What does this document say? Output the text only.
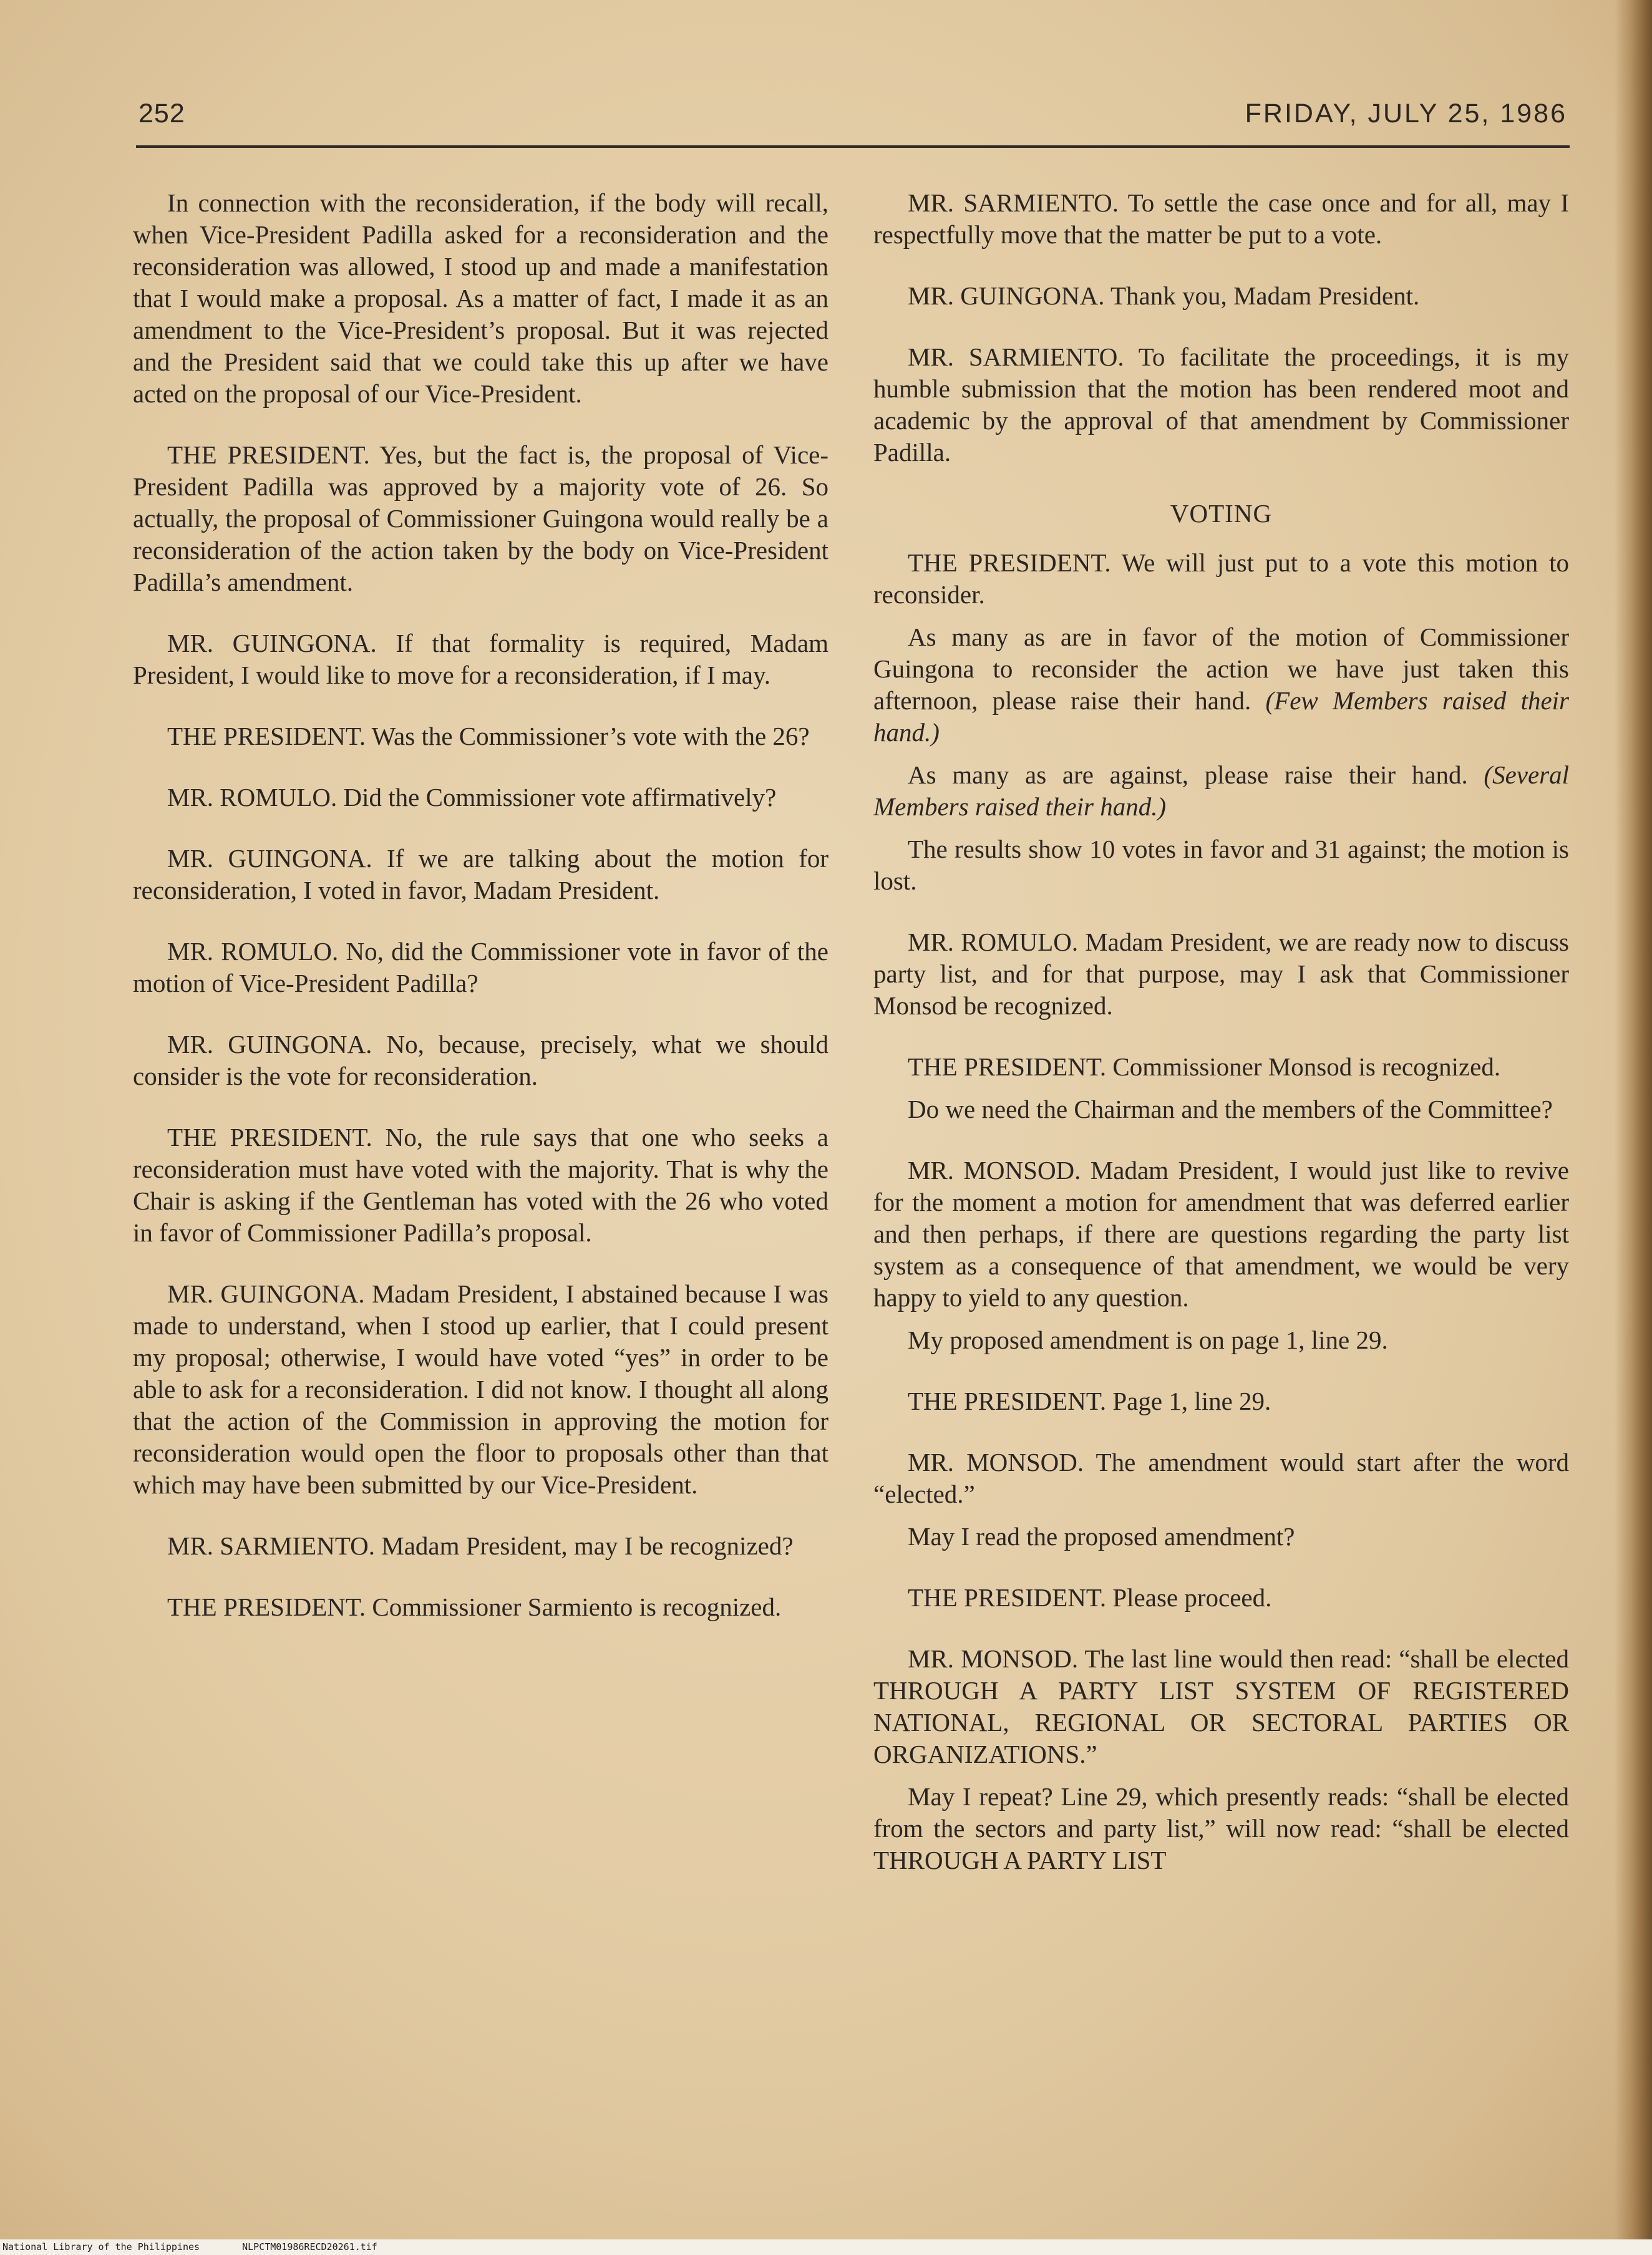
252	FRIDAY, JULY 25, 1986

In connection with the reconsideration, if the body will recall, when Vice-President Padilla asked for a reconsideration and the reconsideration was allowed, I stood up and made a manifestation that I would make a proposal. As a matter of fact, I made it as an amendment to the Vice-President’s proposal. But it was rejected and the President said that we could take this up after we have acted on the proposal of our Vice-President.

THE PRESIDENT. Yes, but the fact is, the proposal of Vice-President Padilla was approved by a majority vote of 26. So actually, the proposal of Commissioner Guingona would really be a reconsideration of the action taken by the body on Vice-President Padilla’s amendment.

MR. GUINGONA. If that formality is required, Madam President, I would like to move for a reconsideration, if I may.

THE PRESIDENT. Was the Commissioner’s vote with the 26?

MR. ROMULO. Did the Commissioner vote affirmatively?

MR. GUINGONA. If we are talking about the motion for reconsideration, I voted in favor, Madam President.

MR. ROMULO. No, did the Commissioner vote in favor of the motion of Vice-President Padilla?

MR. GUINGONA. No, because, precisely, what we should consider is the vote for reconsideration.

THE PRESIDENT. No, the rule says that one who seeks a reconsideration must have voted with the majority. That is why the Chair is asking if the Gentleman has voted with the 26 who voted in favor of Commissioner Padilla’s proposal.

MR. GUINGONA. Madam President, I abstained because I was made to understand, when I stood up earlier, that I could present my proposal; otherwise, I would have voted “yes” in order to be able to ask for a reconsideration. I did not know. I thought all along that the action of the Commission in approving the motion for reconsideration would open the floor to proposals other than that which may have been submitted by our Vice-President.

MR. SARMIENTO. Madam President, may I be recognized?

THE PRESIDENT. Commissioner Sarmiento is recognized.

MR. SARMIENTO. To settle the case once and for all, may I respectfully move that the matter be put to a vote.

MR. GUINGONA. Thank you, Madam President.

MR. SARMIENTO. To facilitate the proceedings, it is my humble submission that the motion has been rendered moot and academic by the approval of that amendment by Commissioner Padilla.

VOTING

THE PRESIDENT. We will just put to a vote this motion to reconsider.

As many as are in favor of the motion of Commissioner Guingona to reconsider the action we have just taken this afternoon, please raise their hand. (Few Members raised their hand.)

As many as are against, please raise their hand. (Several Members raised their hand.)

The results show 10 votes in favor and 31 against; the motion is lost.

MR. ROMULO. Madam President, we are ready now to discuss party list, and for that purpose, may I ask that Commissioner Monsod be recognized.

THE PRESIDENT. Commissioner Monsod is recognized.

Do we need the Chairman and the members of the Committee?

MR. MONSOD. Madam President, I would just like to revive for the moment a motion for amendment that was deferred earlier and then perhaps, if there are questions regarding the party list system as a consequence of that amendment, we would be very happy to yield to any question.

My proposed amendment is on page 1, line 29.

THE PRESIDENT. Page 1, line 29.

MR. MONSOD. The amendment would start after the word “elected.”

May I read the proposed amendment?

THE PRESIDENT. Please proceed.

MR. MONSOD. The last line would then read: “shall be elected THROUGH A PARTY LIST SYSTEM OF REGISTERED NATIONAL, REGIONAL OR SECTORAL PARTIES OR ORGANIZATIONS.”

May I repeat? Line 29, which presently reads: “shall be elected from the sectors and party list,” will now read: “shall be elected THROUGH A PARTY LIST

National Library of the Philippines	NLPCTM01986RECD20261.tif
